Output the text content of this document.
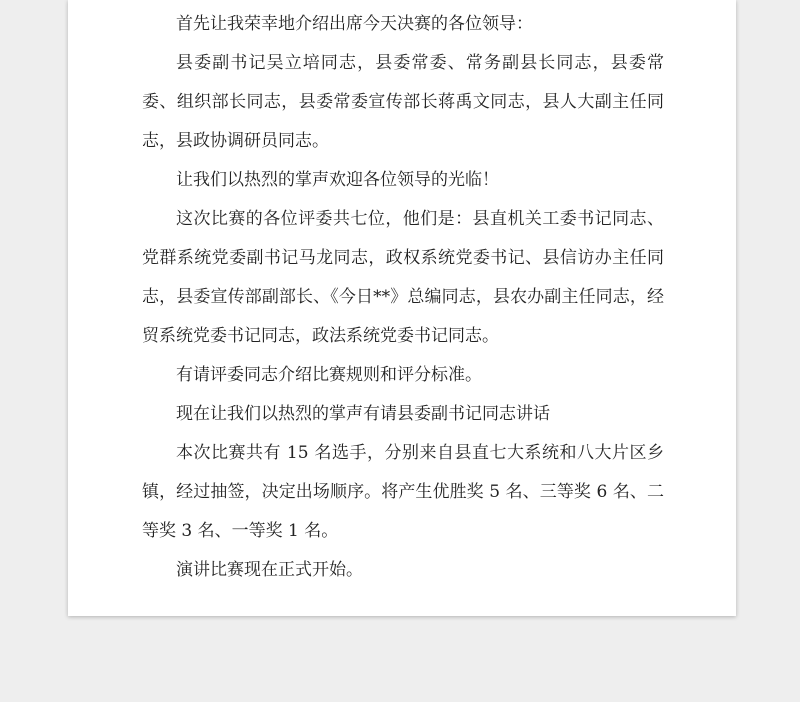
首先让我荣幸地介绍出席今天决赛的各位领导：

县委副书记吴立培同志，县委常委、常务副县长同志，县委常委、组织部长同志，县委常委宣传部长蒋禹文同志，县人大副主任同志，县政协调研员同志。

让我们以热烈的掌声欢迎各位领导的光临！

这次比赛的各位评委共七位，他们是：县直机关工委书记同志、党群系统党委副书记马龙同志，政权系统党委书记、县信访办主任同志，县委宣传部副部长、《今日**》总编同志，县农办副主任同志，经贸系统党委书记同志，政法系统党委书记同志。

有请评委同志介绍比赛规则和评分标准。

现在让我们以热烈的掌声有请县委副书记同志讲话

本次比赛共有 15 名选手，分别来自县直七大系统和八大片区乡镇，经过抽签，决定出场顺序。将产生优胜奖 5 名、三等奖 6 名、二等奖 3 名、一等奖 1 名。

演讲比赛现在正式开始。
